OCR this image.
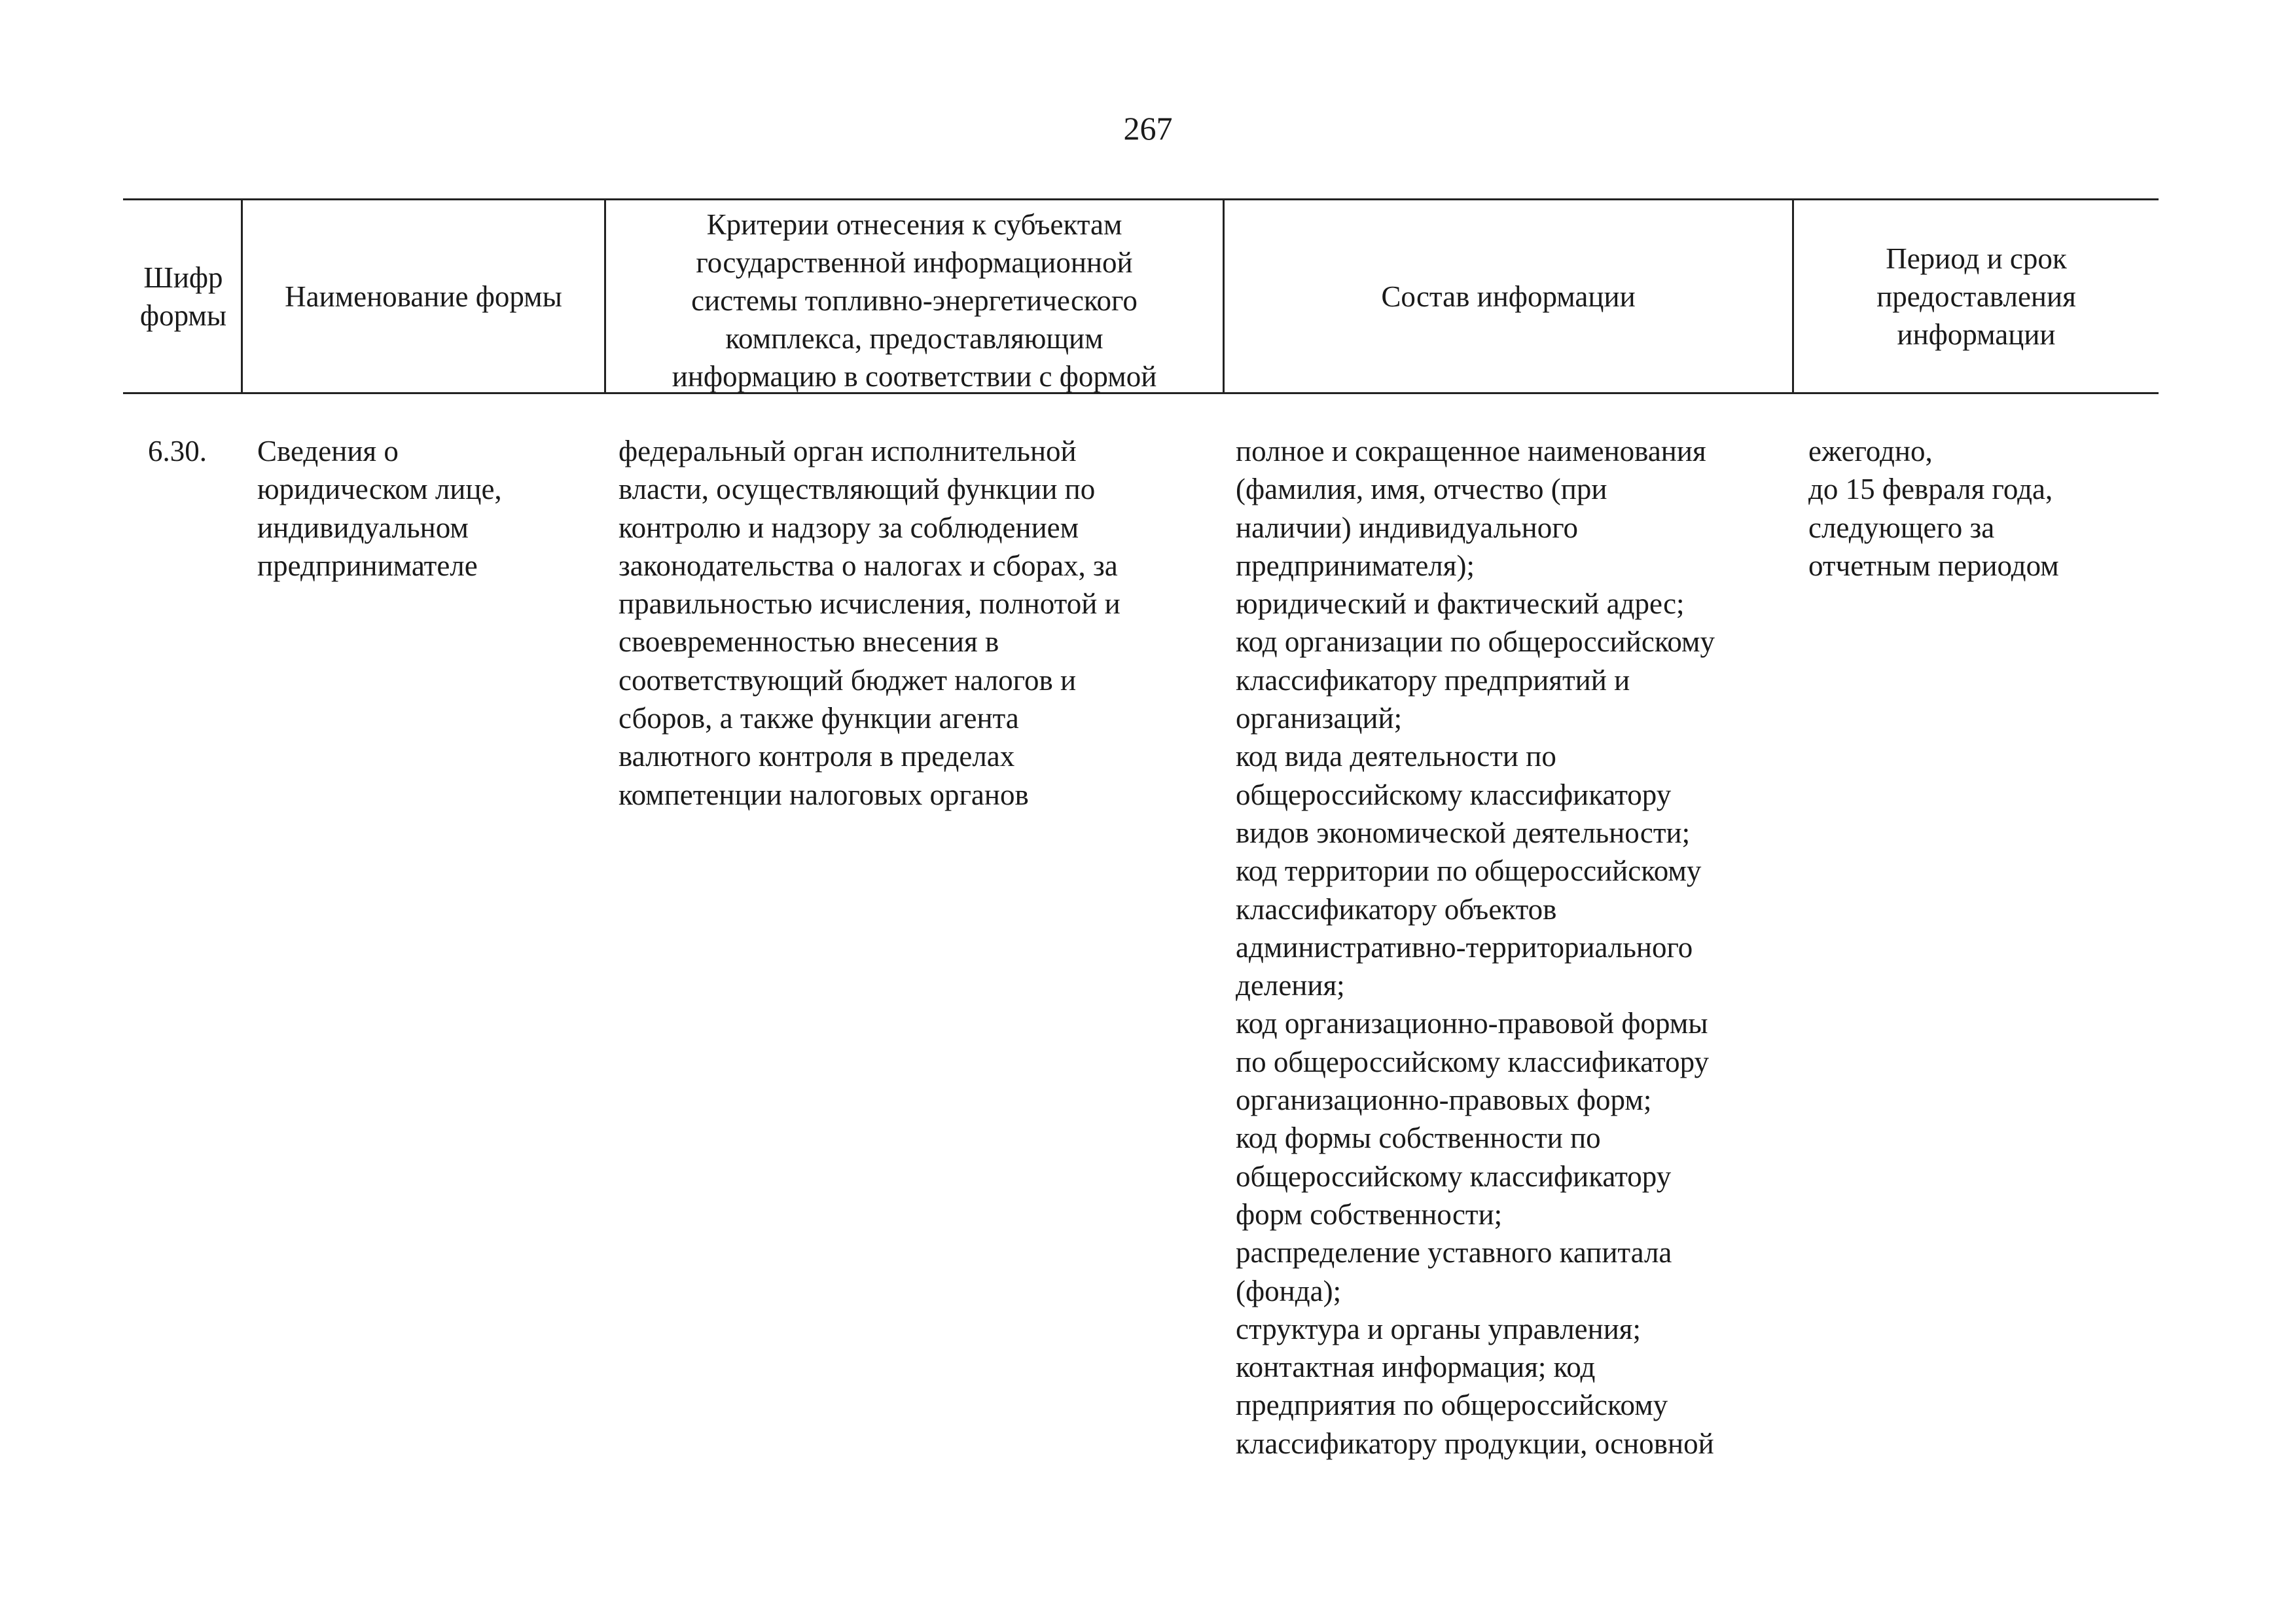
267
Шифр
формы
Наименование формы
Критерии отнесения к субъектам
государственной информационной
системы топливно-энергетического
комплекса, предоставляющим
информацию в соответствии с формой
Состав информации
Период и срок
предоставления
информации
6.30. Сведения о
юридическом лице,
индивидуальном
предпринимателе
федеральный орган исполнительной
власти, осуществляющий функции по
контролю и надзору за соблюдением
законодательства о налогах и сборах, за
правильностью исчисления, полнотой и
своевременностью внесения в
соответствующий бюджет налогов и
сборов, а также функции агента
валютного контроля в пределах
компетенции налоговых органов
полное и сокращенное наименования
(фамилия, имя, отчество (при
наличии) индивидуального
предпринимателя);
юридический и фактический адрес;
код организации по общероссийскому
классификатору предприятий и
организаций;
код вида деятельности по
общероссийскому классификатору
видов экономической деятельности;
код территории по общероссийскому
классификатору объектов
административно-территориального
деления;
код организационно-правовой формы
по общероссийскому классификатору
организационно-правовых форм;
код формы собственности по
общероссийскому классификатору
форм собственности;
распределение уставного капитала
(фонда);
структура и органы управления;
контактная информация; код
предприятия по общероссийскому
классификатору продукции, основной
ежегодно,
до 15 февраля года,
следующего за
отчетным периодом
